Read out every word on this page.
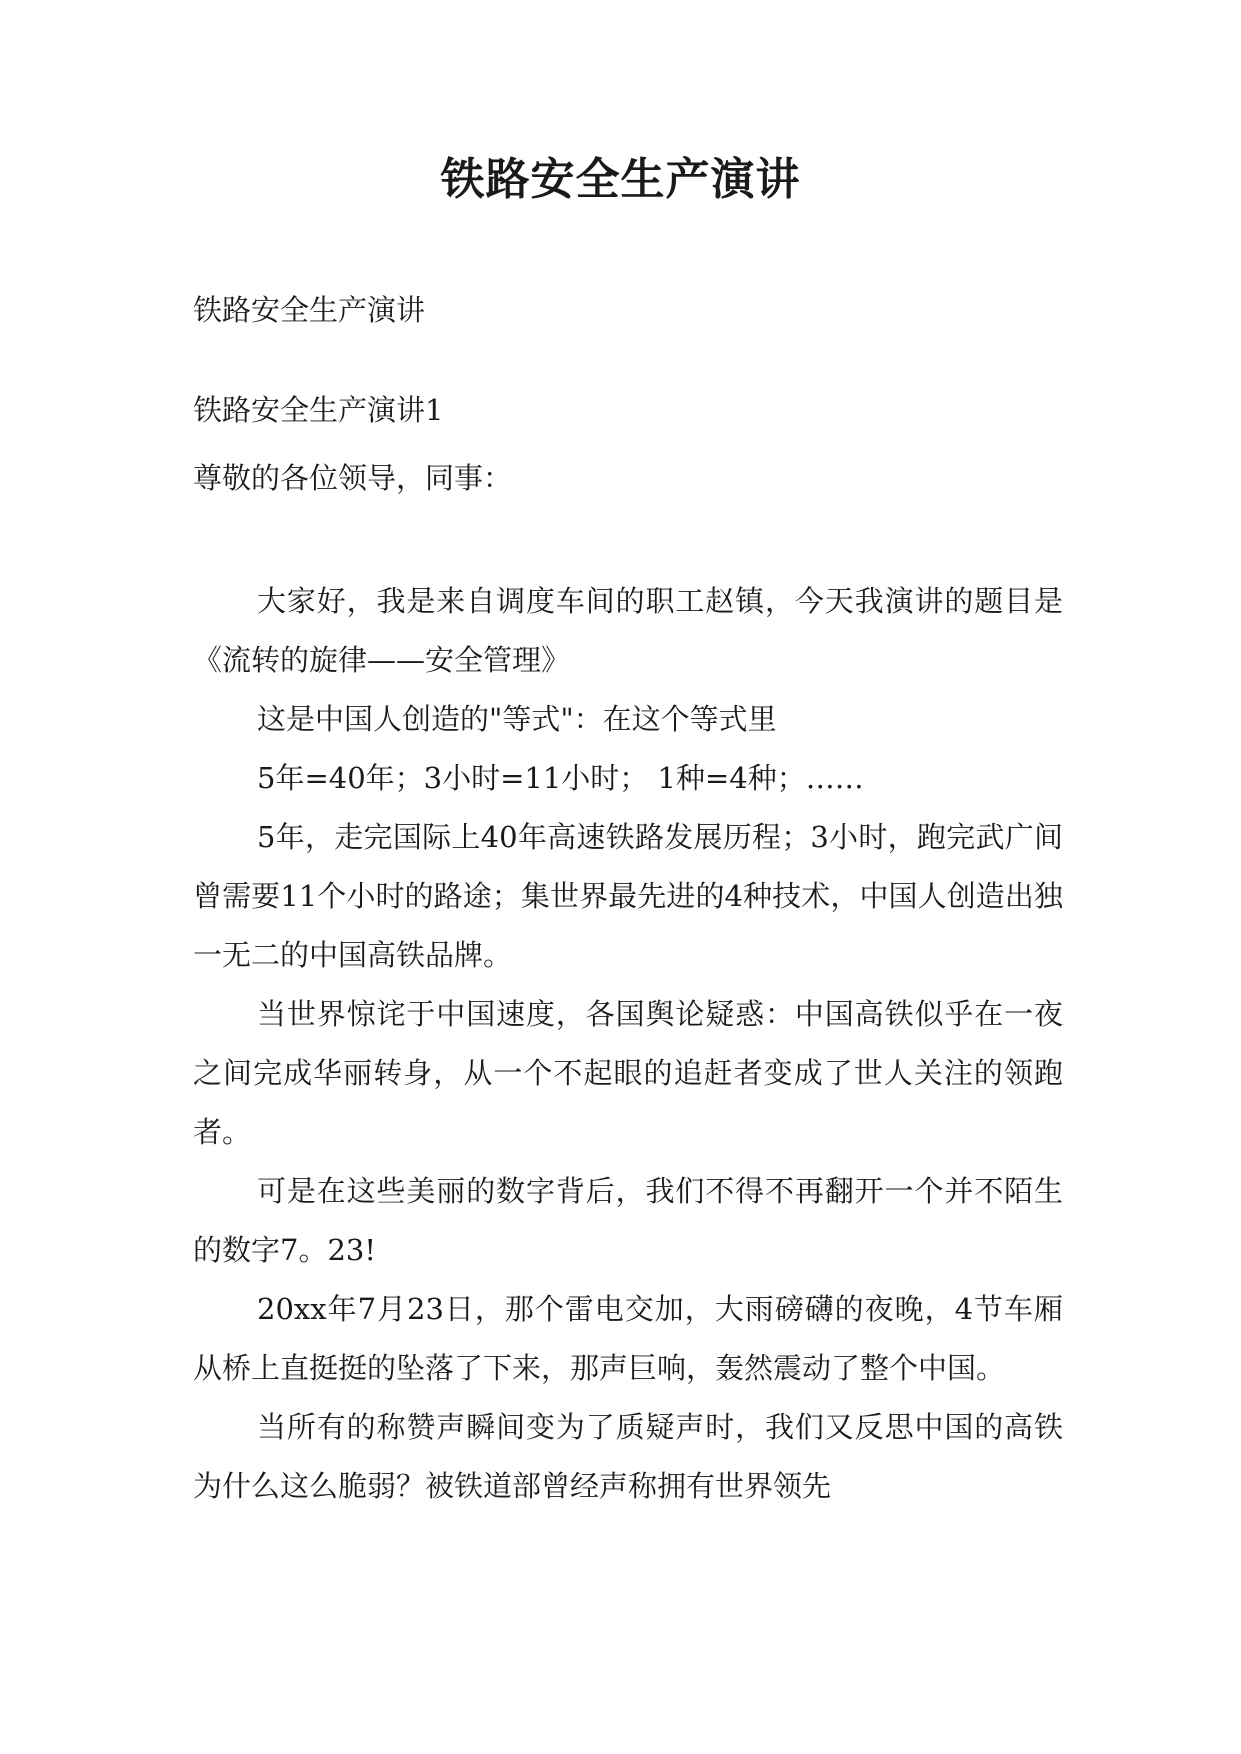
铁路安全生产演讲
铁路安全生产演讲
铁路安全生产演讲1
尊敬的各位领导，同事：

大家好，我是来自调度车间的职工赵镇，今天我演讲的题目是《流转的旋律——安全管理》

这是中国人创造的"等式"：在这个等式里

5年=40年；3小时=11小时； 1种=4种；……

5年，走完国际上40年高速铁路发展历程；3小时，跑完武广间曾需要11个小时的路途；集世界最先进的4种技术，中国人创造出独一无二的中国高铁品牌。

当世界惊诧于中国速度，各国舆论疑惑：中国高铁似乎在一夜之间完成华丽转身，从一个不起眼的追赶者变成了世人关注的领跑者。

可是在这些美丽的数字背后，我们不得不再翻开一个并不陌生的数字7。23!

20xx年7月23日，那个雷电交加，大雨磅礴的夜晚，4节车厢从桥上直挺挺的坠落了下来，那声巨响，轰然震动了整个中国。

当所有的称赞声瞬间变为了质疑声时，我们又反思中国的高铁为什么这么脆弱？被铁道部曾经声称拥有世界领先
